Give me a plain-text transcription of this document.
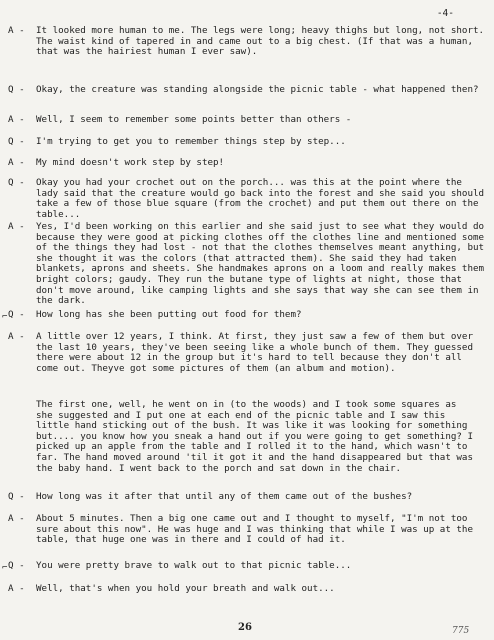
-4-
A -	It looked more human to me. The legs were long; heavy thighs but long, not short. The waist kind of tapered in and came out to a big chest. (If that was a human, that was the hairiest human I ever saw).
Q -	Okay, the creature was standing alongside the picnic table - what happened then?
A -	Well, I seem to remember some points better than others -
Q -	I'm trying to get you to remember things step by step...
A -	My mind doesn't work step by step!
Q -	Okay you had your crochet out on the porch... was this at the point where the lady said that the creature would go back into the forest and she said you should take a few of those blue square (from the crochet) and put them out there on the table...
A -	Yes, I'd been working on this earlier and she said just to see what they would do because they were good at picking clothes off the clothes line and mentioned some of the things they had lost - not that the clothes themselves meant anything, but she thought it was the colors (that attracted them). She said they had taken blankets, aprons and sheets. She handmakes aprons on a loom and really makes them bright colors; gaudy. They run the butane type of lights at night, those that don't move around, like camping lights and she says that way she can see them in the dark.
⌐ Q -	How long has she been putting out food for them?
A -	A little over 12 years, I think. At first, they just saw a few of them but over the last 10 years, they've been seeing like a whole bunch of them. They guessed there were about 12 in the group but it's hard to tell because they don't all come out. Theyve got some pictures of them (an album and motion).
The first one, well, he went on in (to the woods) and I took some squares as she suggested and I put one at each end of the picnic table and I saw this little hand sticking out of the bush. It was like it was looking for something but.... you know how you sneak a hand out if you were going to get something? I picked up an apple from the table and I rolled it to the hand, which wasn't to far. The hand moved around 'til it got it and the hand disappeared but that was the baby hand. I went back to the porch and sat down in the chair.
Q -	How long was it after that until any of them came out of the bushes?
A -	About 5 minutes. Then a big one came out and I thought to myself, "I'm not too sure about this now". He was huge and I was thinking that while I was up at the table, that huge one was in there and I could of had it.
⌐ Q -	You were pretty brave to walk out to that picnic table...
A -	Well, that's when you hold your breath and walk out...
26	775
